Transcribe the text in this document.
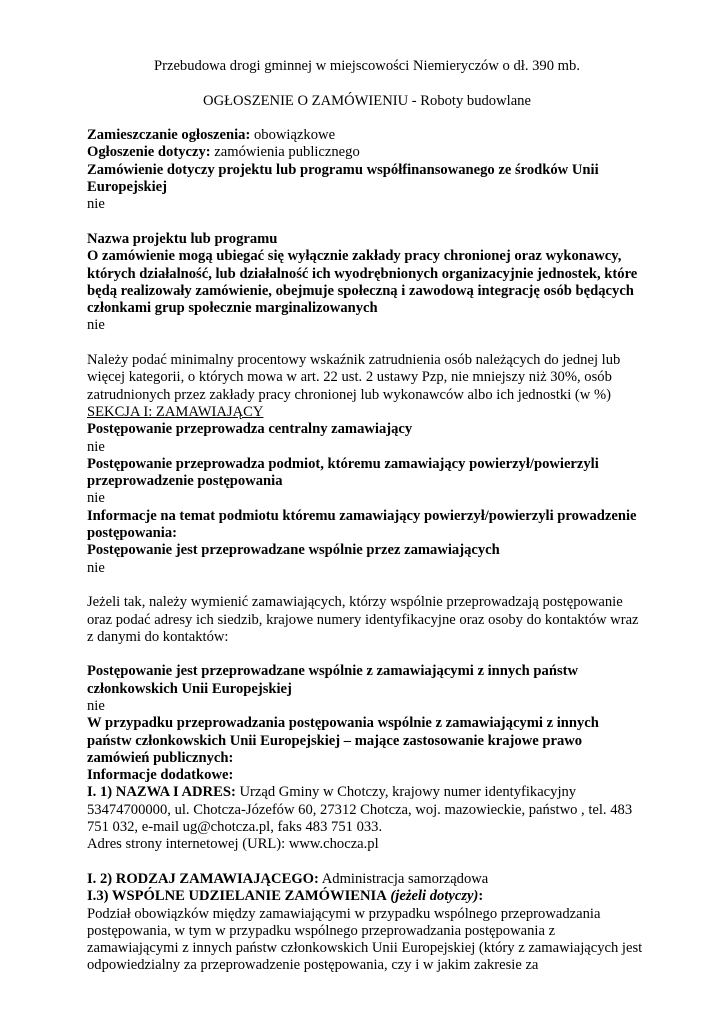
Przebudowa drogi gminnej w miejscowości Niemieryczów o dł. 390 mb.
OGŁOSZENIE O ZAMÓWIENIU - Roboty budowlane
Zamieszczanie ogłoszenia: obowiązkowe
Ogłoszenie dotyczy: zamówienia publicznego
Zamówienie dotyczy projektu lub programu współfinansowanego ze środków Unii Europejskiej
nie
Nazwa projektu lub programu
O zamówienie mogą ubiegać się wyłącznie zakłady pracy chronionej oraz wykonawcy, których działalność, lub działalność ich wyodrębnionych organizacyjnie jednostek, które będą realizowały zamówienie, obejmuje społeczną i zawodową integrację osób będących członkami grup społecznie marginalizowanych
nie
Należy podać minimalny procentowy wskaźnik zatrudnienia osób należących do jednej lub więcej kategorii, o których mowa w art. 22 ust. 2 ustawy Pzp, nie mniejszy niż 30%, osób zatrudnionych przez zakłady pracy chronionej lub wykonawców albo ich jednostki (w %)
SEKCJA I: ZAMAWIAJĄCY
Postępowanie przeprowadza centralny zamawiający
nie
Postępowanie przeprowadza podmiot, któremu zamawiający powierzył/powierzyli przeprowadzenie postępowania
nie
Informacje na temat podmiotu któremu zamawiający powierzył/powierzyli prowadzenie postępowania:
Postępowanie jest przeprowadzane wspólnie przez zamawiających
nie
Jeżeli tak, należy wymienić zamawiających, którzy wspólnie przeprowadzają postępowanie oraz podać adresy ich siedzib, krajowe numery identyfikacyjne oraz osoby do kontaktów wraz z danymi do kontaktów:
Postępowanie jest przeprowadzane wspólnie z zamawiającymi z innych państw członkowskich Unii Europejskiej
nie
W przypadku przeprowadzania postępowania wspólnie z zamawiającymi z innych państw członkowskich Unii Europejskiej – mające zastosowanie krajowe prawo zamówień publicznych:
Informacje dodatkowe:
I. 1) NAZWA I ADRES: Urząd Gminy w Chotczy, krajowy numer identyfikacyjny 53474700000, ul. Chotcza-Józefów 60, 27312 Chotcza, woj. mazowieckie, państwo , tel. 483 751 032, e-mail ug@chotcza.pl, faks 483 751 033.
Adres strony internetowej (URL): www.chocza.pl
I. 2) RODZAJ ZAMAWIAJĄCEGO: Administracja samorządowa
I.3) WSPÓLNE UDZIELANIE ZAMÓWIENIA (jeżeli dotyczy):
Podział obowiązków między zamawiającymi w przypadku wspólnego przeprowadzania postępowania, w tym w przypadku wspólnego przeprowadzania postępowania z zamawiającymi z innych państw członkowskich Unii Europejskiej (który z zamawiających jest odpowiedzialny za przeprowadzenie postępowania, czy i w jakim zakresie za
